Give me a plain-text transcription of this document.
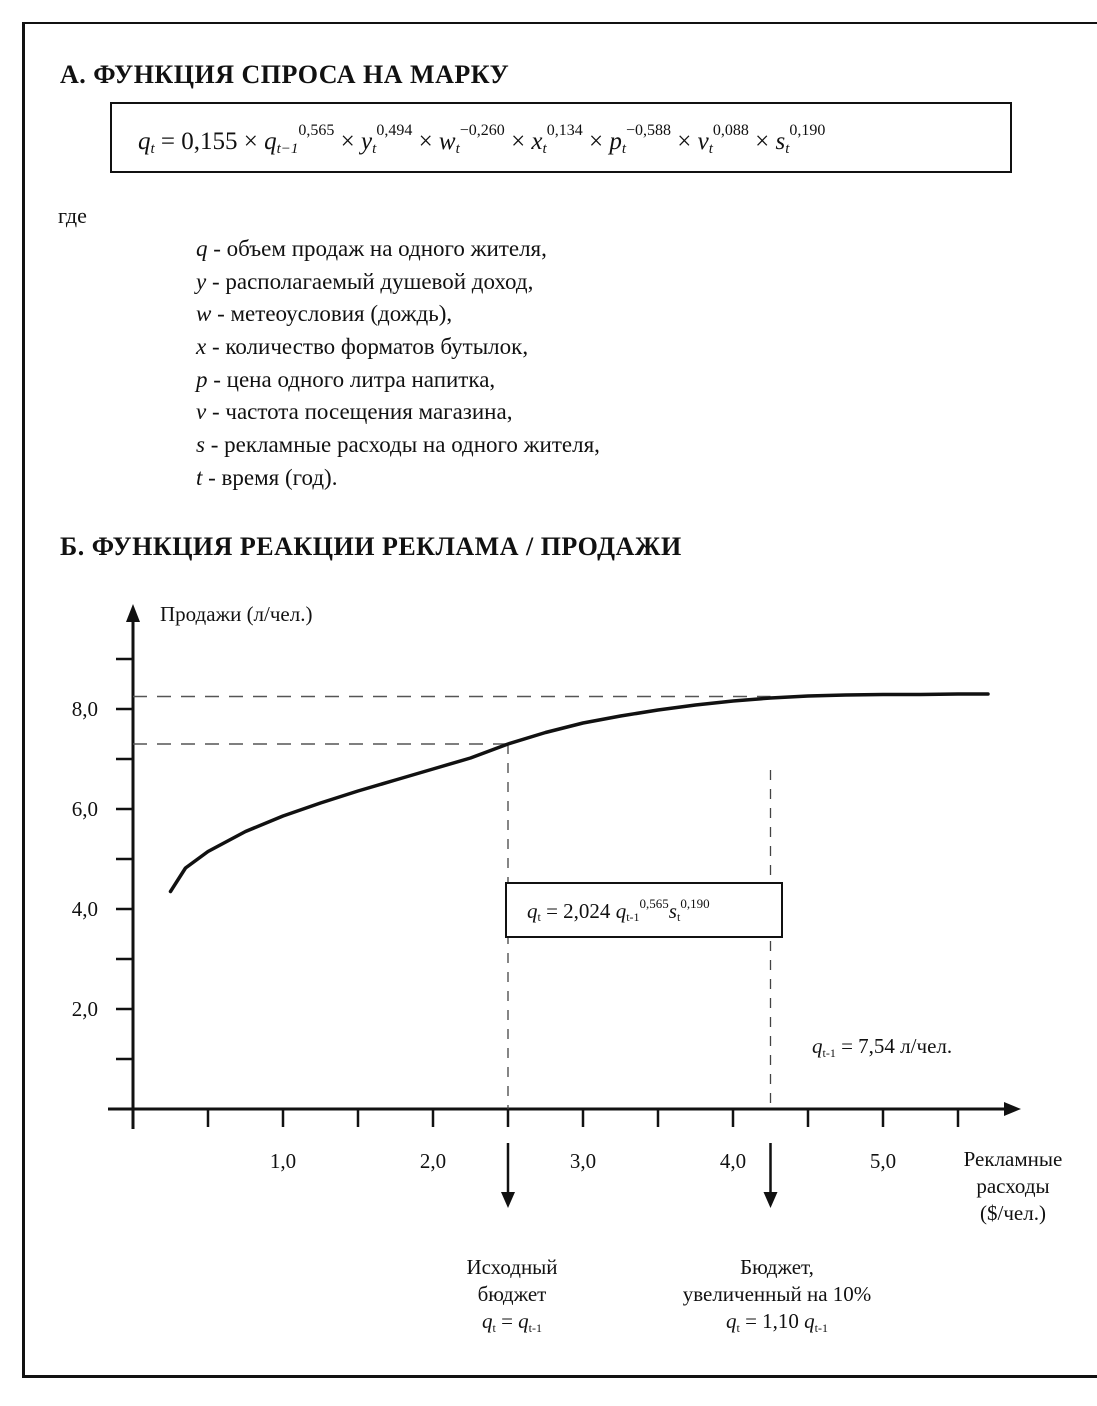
А. ФУНКЦИЯ СПРОСА НА МАРКУ
$q_t = 0,155 \times q_{t-1}^{0,565} \times y_t^{0,494} \times w_t^{-0,260} \times x_t^{0,134} \times p_t^{-0,588} \times v_t^{0,088} \times s_t^{0,190}$
где
q - объем продаж на одного жителя,
y - располагаемый душевой доход,
w - метеоусловия (дождь),
x - количество форматов бутылок,
p - цена одного литра напитка,
v - частота посещения магазина,
s - рекламные расходы на одного жителя,
t - время (год).
Б. ФУНКЦИЯ РЕАКЦИИ РЕКЛАМА / ПРОДАЖИ
2,0
4,0
6,0
8,0
1,0	2,0	3,0	4,0	5,0
Продажи (л/чел.)
Рекламные
расходы
($/чел.)
$q_t = 2,024$ $q_{t-1}^{0,565}s_t^{0,190}$
$q_{t-1} = 7,54$ л/чел.
Исходный
бюджет
$q_t = q_{t-1}$
Бюджет,
увеличенный на 10%
$q_t = 1,10$ $q_{t-1}$
